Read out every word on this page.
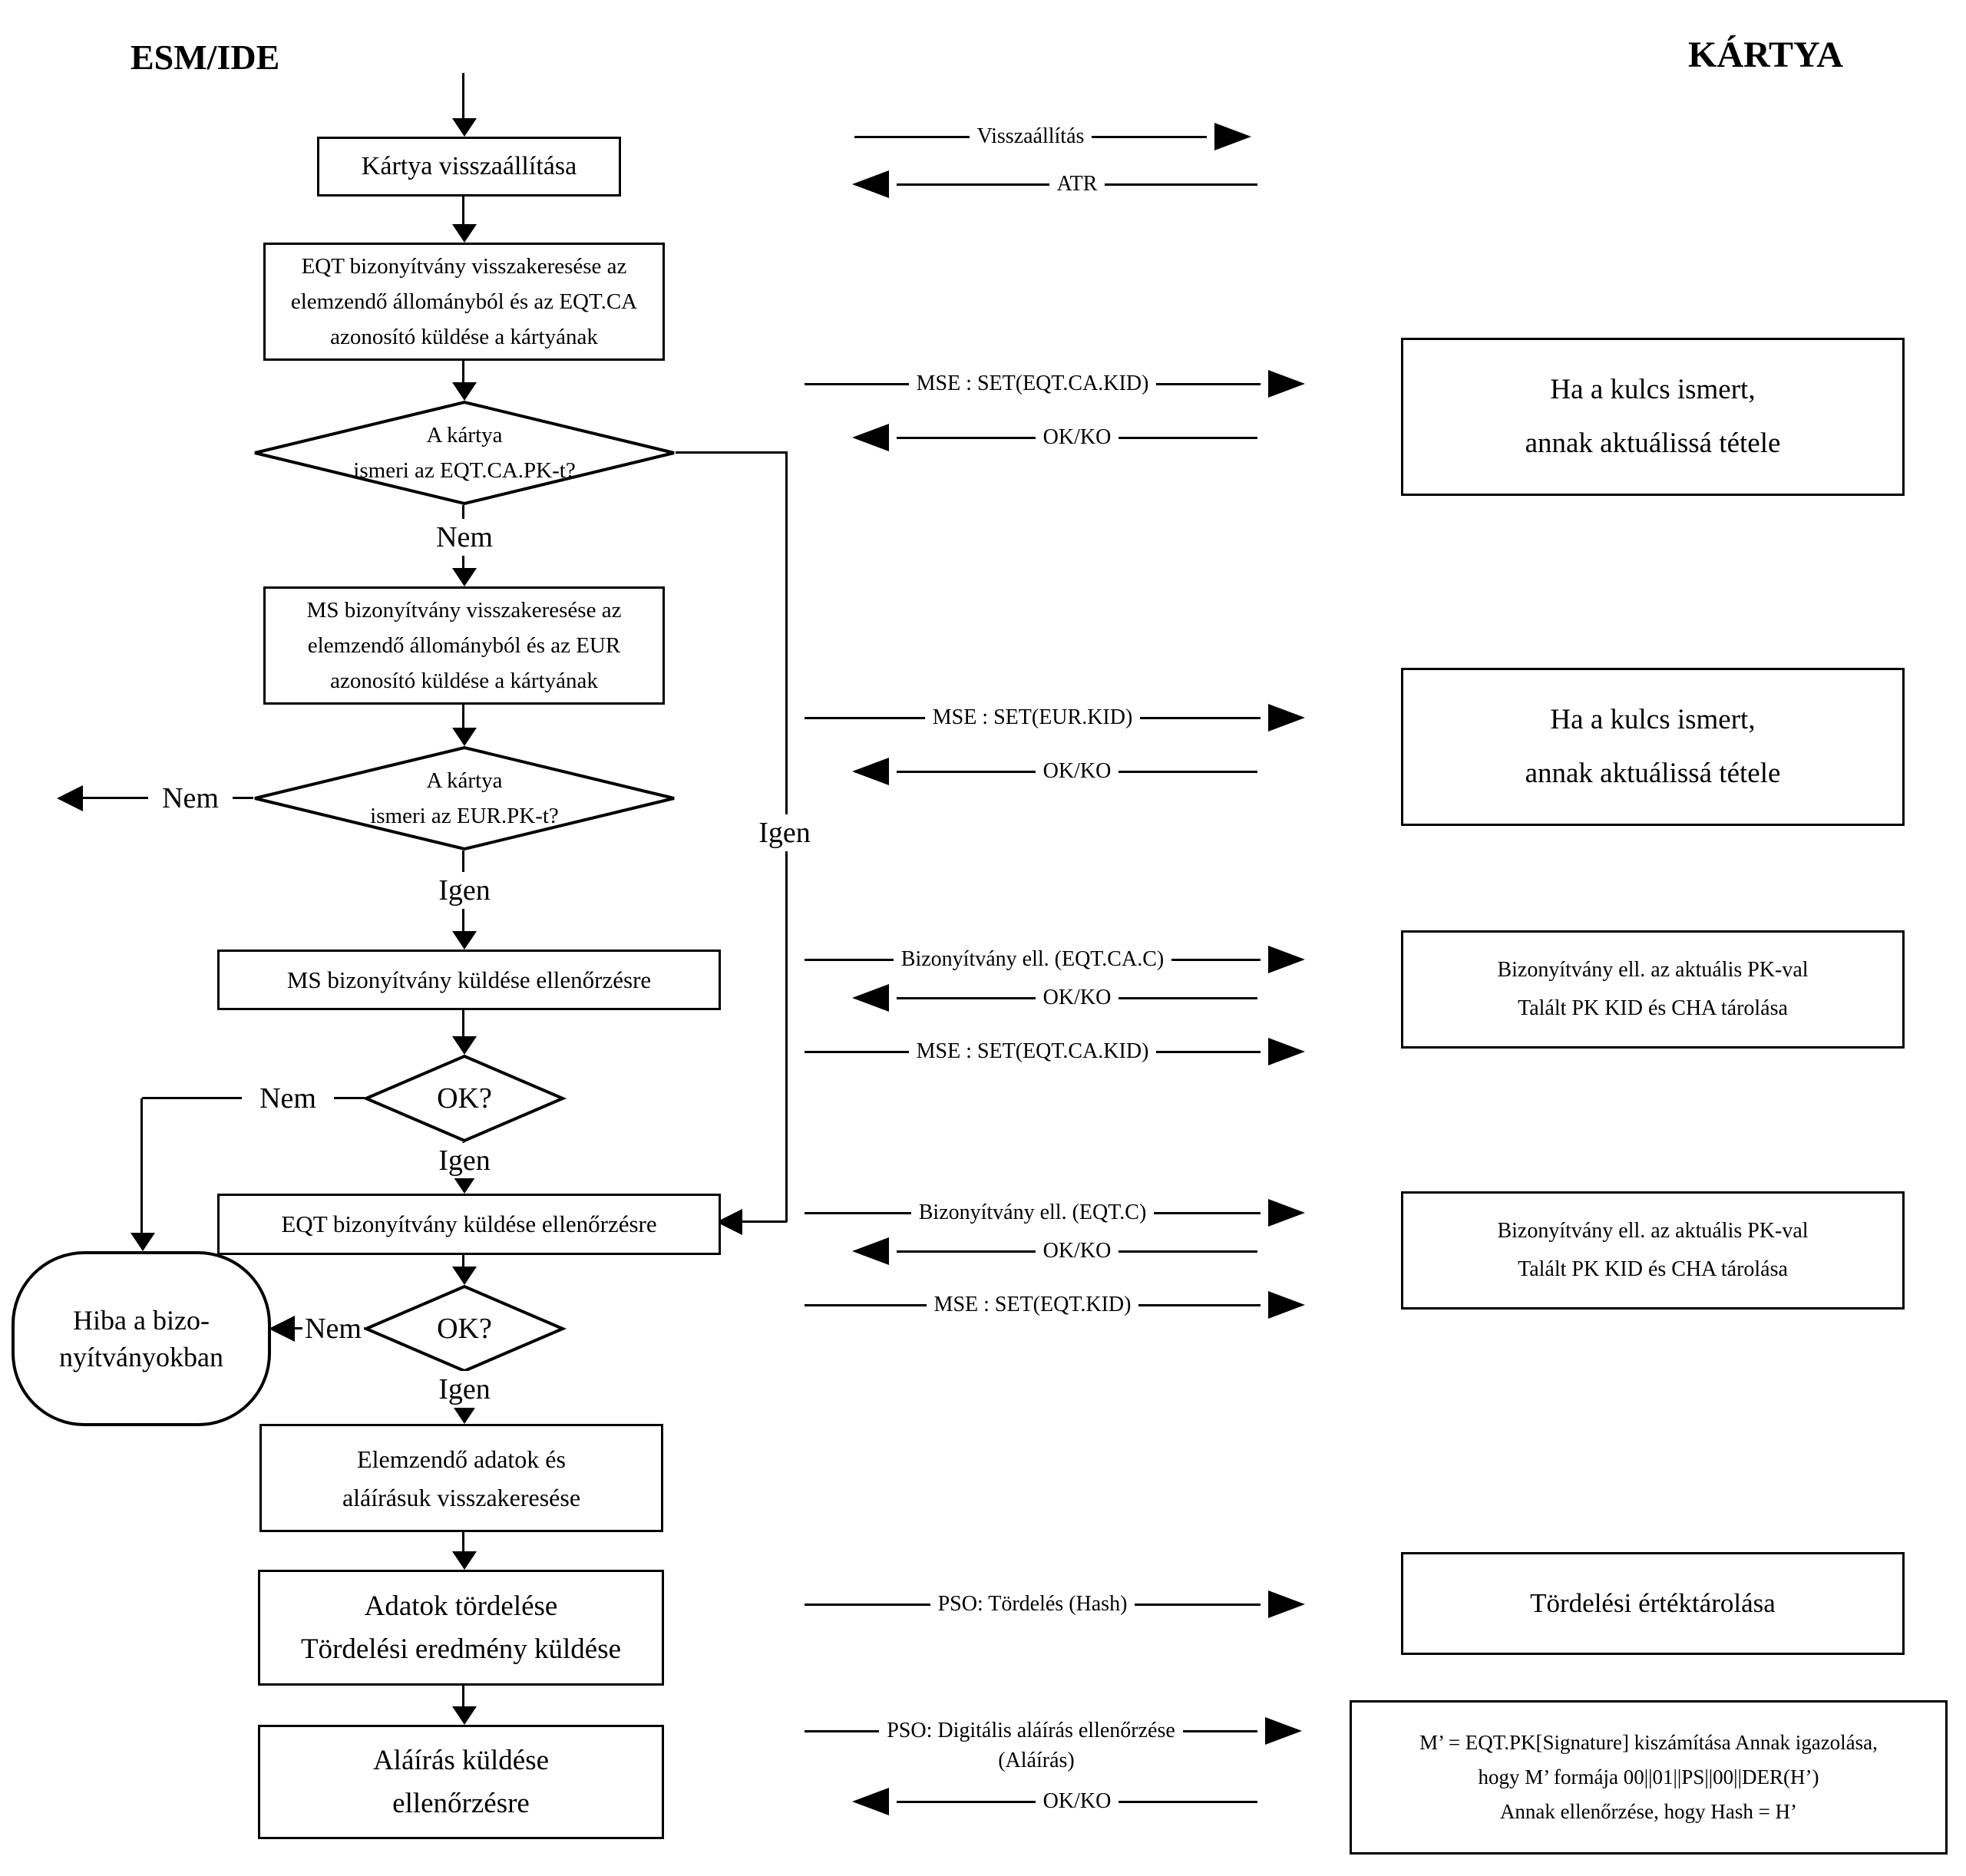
ESM/IDE	KÁRTYA
Kártya visszaállítása
EQT bizonyítvány visszakeresése az
elemzendő állományból és az EQT.CA
azonosító küldése a kártyának
A kártya
ismeri az EQT.CA.PK-t?
Nem
MS bizonyítvány visszakeresése az
elemzendő állományból és az EUR
azonosító küldése a kártyának
A kártya
ismeri az EUR.PK-t?
Nem
Igen
MS bizonyítvány küldése ellenőrzésre
OK?
Nem
Igen
Igen
EQT bizonyítvány küldése ellenőrzésre
OK?
Nem
Igen
Hiba a bizo-
nyítványokban
Elemzendő adatok és
aláírásuk visszakeresése
Adatok tördelése
Tördelési eredmény küldése
Aláírás küldése
ellenőrzésre
Visszaállítás
ATR
MSE : SET(EQT.CA.KID)
OK/KO
MSE : SET(EUR.KID)
OK/KO
Bizonyítvány ell. (EQT.CA.C)
OK/KO
MSE : SET(EQT.CA.KID)
Bizonyítvány ell. (EQT.C)
OK/KO
MSE : SET(EQT.KID)
PSO: Tördelés (Hash)
PSO: Digitális aláírás ellenőrzése
(Aláírás)
OK/KO
Ha a kulcs ismert,
annak aktuálissá tétele
Ha a kulcs ismert,
annak aktuálissá tétele
Bizonyítvány ell. az aktuális PK-val
Talált PK KID és CHA tárolása
Bizonyítvány ell. az aktuális PK-val
Talált PK KID és CHA tárolása
Tördelési értéktárolása
M’ = EQT.PK[Signature] kiszámítása Annak igazolása,
hogy M’ formája 00||01||PS||00||DER(H’)
Annak ellenőrzése, hogy Hash = H’
